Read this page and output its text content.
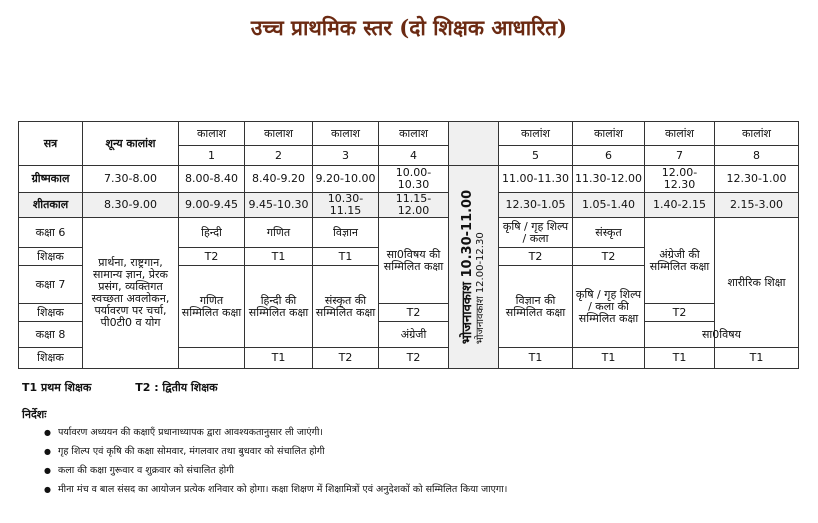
उच्च प्राथमिक स्तर (दो शिक्षक आधारित)
सत्र	शून्य कालांश	कालाश	कालाश	कालाश	कालाश		कालांश	कालांश	कालांश	कालांश	
		1	2	3	4		5	6	7	8	
ग्रीष्मकाल	7.30-8.00	8.00-8.40	8.40-9.20	9.20-10.00	10.00-10.30	भोजनावकाश 10.30-11.00 भोजनावकाश 12.00-12.30	11.00-11.30	11.30-12.00	12.00-12.30	12.30-1.00	
शीतकाल	8.30-9.00	9.00-9.45	9.45-10.30	10.30-11.15	11.15-12.00		12.30-1.05	1.05-1.40	1.40-2.15	2.15-3.00	
कक्षा 6	प्रार्थना, राष्ट्रगान, सामान्य ज्ञान, प्रेरक प्रसंग, व्यक्तिगत स्वच्छता अवलोकन, पर्यावरण पर चर्चा, पी0टी0 व योग	हिन्दी	गणित	विज्ञान	सा0विषय की सम्मिलित कक्षा		कृषि / गृह शिल्प / कला	संस्कृत	अंग्रेजी की सम्मिलित कक्षा	शारीरिक शिक्षा	
शिक्षक		T2	T1	T1			T2	T2			
कक्षा 7		गणित सम्मिलित कक्षा	हिन्दी की सम्मिलित कक्षा	संस्कृत की सम्मिलित कक्षा			विज्ञान की सम्मिलित कक्षा	कृषि / गृह शिल्प / कला की सम्मिलित कक्षा			
शिक्षक					T2				T2		
कक्षा 8					अंग्रेजी				सा0विषय		
शिक्षक			T1	T2	T2		T1	T1	T1	T1	
T1 प्रथम शिक्षक	T2 : द्वितीय शिक्षक
निर्देशः
● पर्यावरण अध्ययन की कक्षाएँ प्रधानाध्यापक द्वारा आवश्यकतानुसार ली जाएंगी।
● गृह शिल्प एवं कृषि की कक्षा सोमवार, मंगलवार तथा बुधवार को संचालित होगी
● कला की कक्षा गुरूवार व शुक्रवार को संचालित होगी
● मीना मंच व बाल संसद का आयोजन प्रत्येक शनिवार को होगा। कक्षा शिक्षण में शिक्षामित्रों एवं अनुदेशकों को सम्मिलित किया जाएगा।
